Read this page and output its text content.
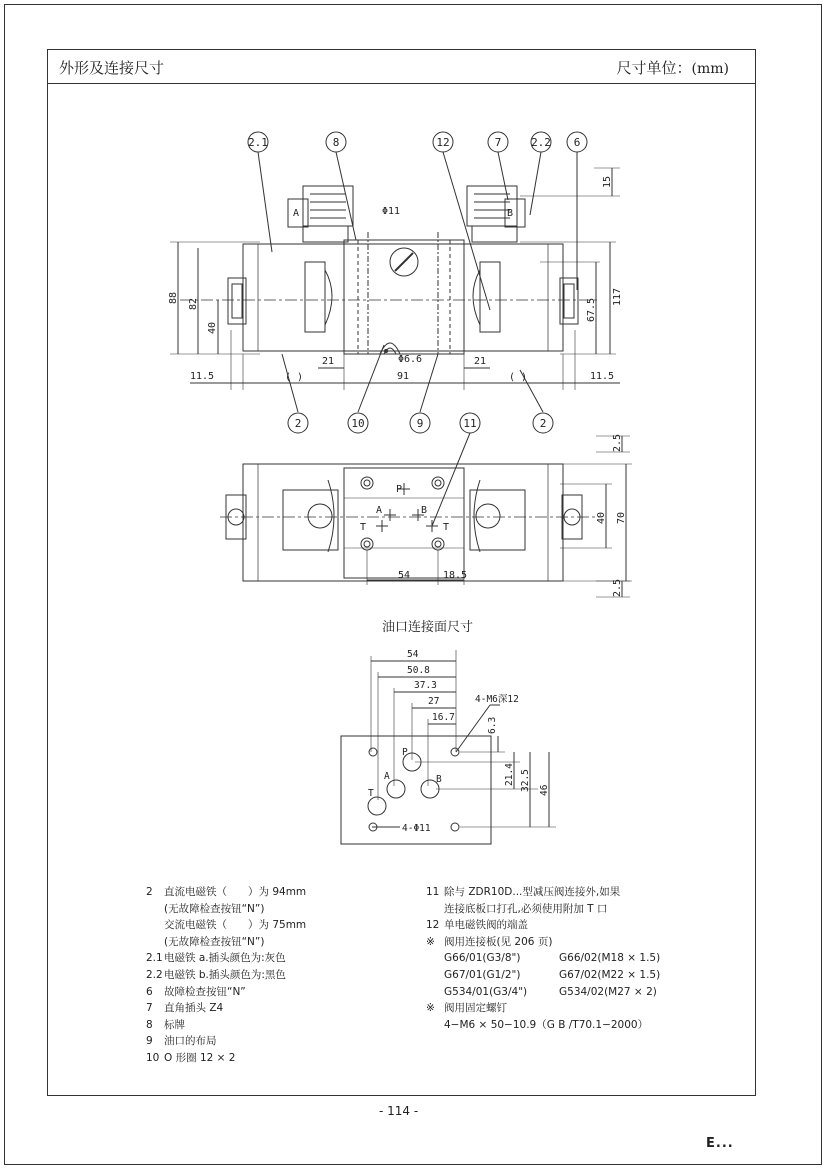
外形及连接尺寸	尺寸单位：(mm)
2.1	8	12	7	2.2 6
2	10	9	2
11
A	B
Φ11
Φ6.6
21	21
91
11.5	11.5
( )	( )
88 82
40
15
67.5
117
P
A	B
T	T
2.5
40 70
2.5
54	18.5
54
50.8
37.3
27
16.7
4-M6深12
6.3
21.4 32.5 46
4-Φ11
P
A	B
T
油口连接面尺寸
2 直流电磁铁（　　）为 94mm
(无故障检查按钮“N”)
交流电磁铁（　　）为 75mm
(无故障检查按钮“N”)
2.1电磁铁 a.插头颜色为:灰色
2.2电磁铁 b.插头颜色为:黑色
6 故障检查按钮“N”
7 直角插头 Z4
8 标牌
9 油口的布局
10 O 形圈 12 × 2
11 除与 ZDR10D...型减压阀连接外,如果
连接底板口打孔,必须使用附加 T 口
12 单电磁铁阀的端盖
※ 阀用连接板(见 206 页)
G66/01(G3/8")	G66/02(M18 × 1.5)
G67/01(G1/2")	G67/02(M22 × 1.5)
G534/01(G3/4")	G534/02(M27 × 2)
※ 阀用固定螺钉
4−M6 × 50−10.9（G B /T70.1−2000）
- 114 -
E...
